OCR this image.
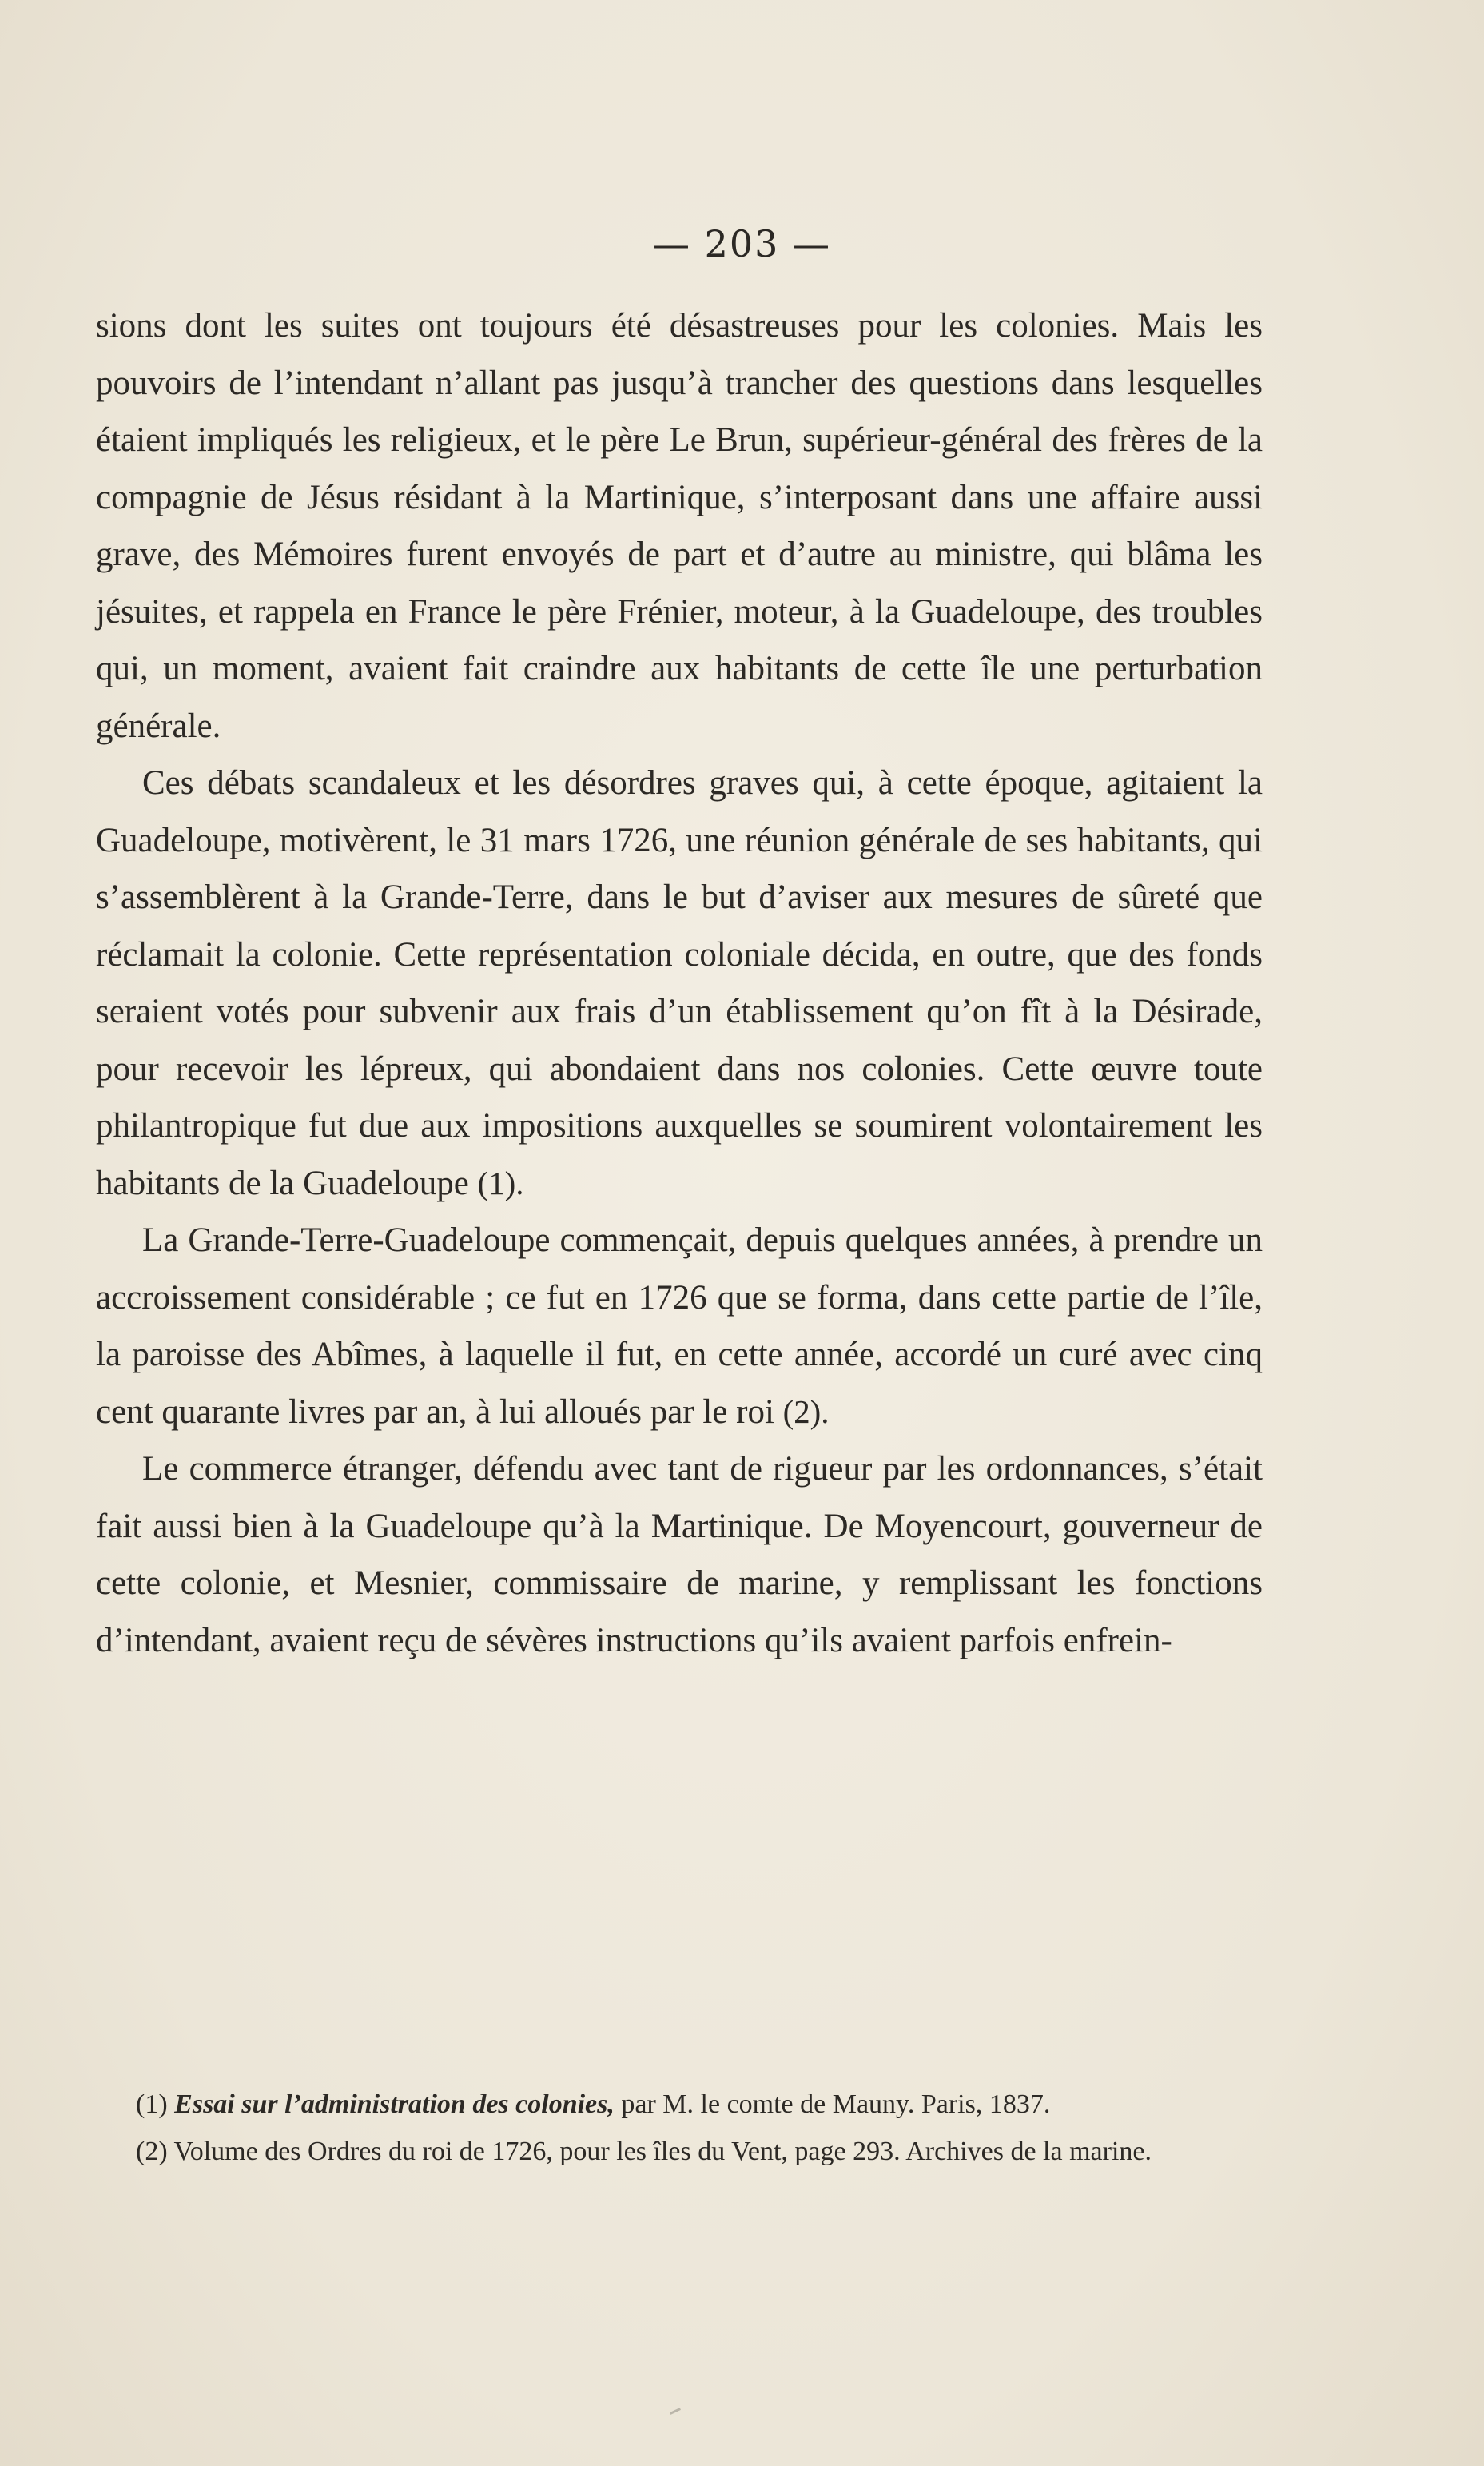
— 203 —

sions dont les suites ont toujours été désastreuses pour les colonies. Mais les pouvoirs de l’intendant n’allant pas jusqu’à trancher des questions dans lesquelles étaient impliqués les religieux, et le père Le Brun, supérieur-général des frères de la compagnie de Jésus résidant à la Martinique, s’interposant dans une affaire aussi grave, des Mémoires furent envoyés de part et d’autre au ministre, qui blâma les jésuites, et rappela en France le père Frénier, moteur, à la Guadeloupe, des troubles qui, un moment, avaient fait craindre aux habitants de cette île une perturbation générale.

Ces débats scandaleux et les désordres graves qui, à cette époque, agitaient la Guadeloupe, motivèrent, le 31 mars 1726, une réunion générale de ses habitants, qui s’assemblèrent à la Grande-Terre, dans le but d’aviser aux mesures de sûreté que réclamait la colonie. Cette représentation coloniale décida, en outre, que des fonds seraient votés pour subvenir aux frais d’un établissement qu’on fît à la Désirade, pour recevoir les lépreux, qui abondaient dans nos colonies. Cette œuvre toute philantropique fut due aux impositions auxquelles se soumirent volontairement les habitants de la Guadeloupe (1).

La Grande-Terre-Guadeloupe commençait, depuis quelques années, à prendre un accroissement considérable ; ce fut en 1726 que se forma, dans cette partie de l’île, la paroisse des Abîmes, à laquelle il fut, en cette année, accordé un curé avec cinq cent quarante livres par an, à lui alloués par le roi (2).

Le commerce étranger, défendu avec tant de rigueur par les ordonnances, s’était fait aussi bien à la Guadeloupe qu’à la Martinique. De Moyencourt, gouverneur de cette colonie, et Mesnier, commissaire de marine, y remplissant les fonctions d’intendant, avaient reçu de sévères instructions qu’ils avaient parfois enfrein-

(1) Essai sur l’administration des colonies, par M. le comte de Mauny. Paris, 1837.

(2) Volume des Ordres du roi de 1726, pour les îles du Vent, page 293. Archives de la marine.
